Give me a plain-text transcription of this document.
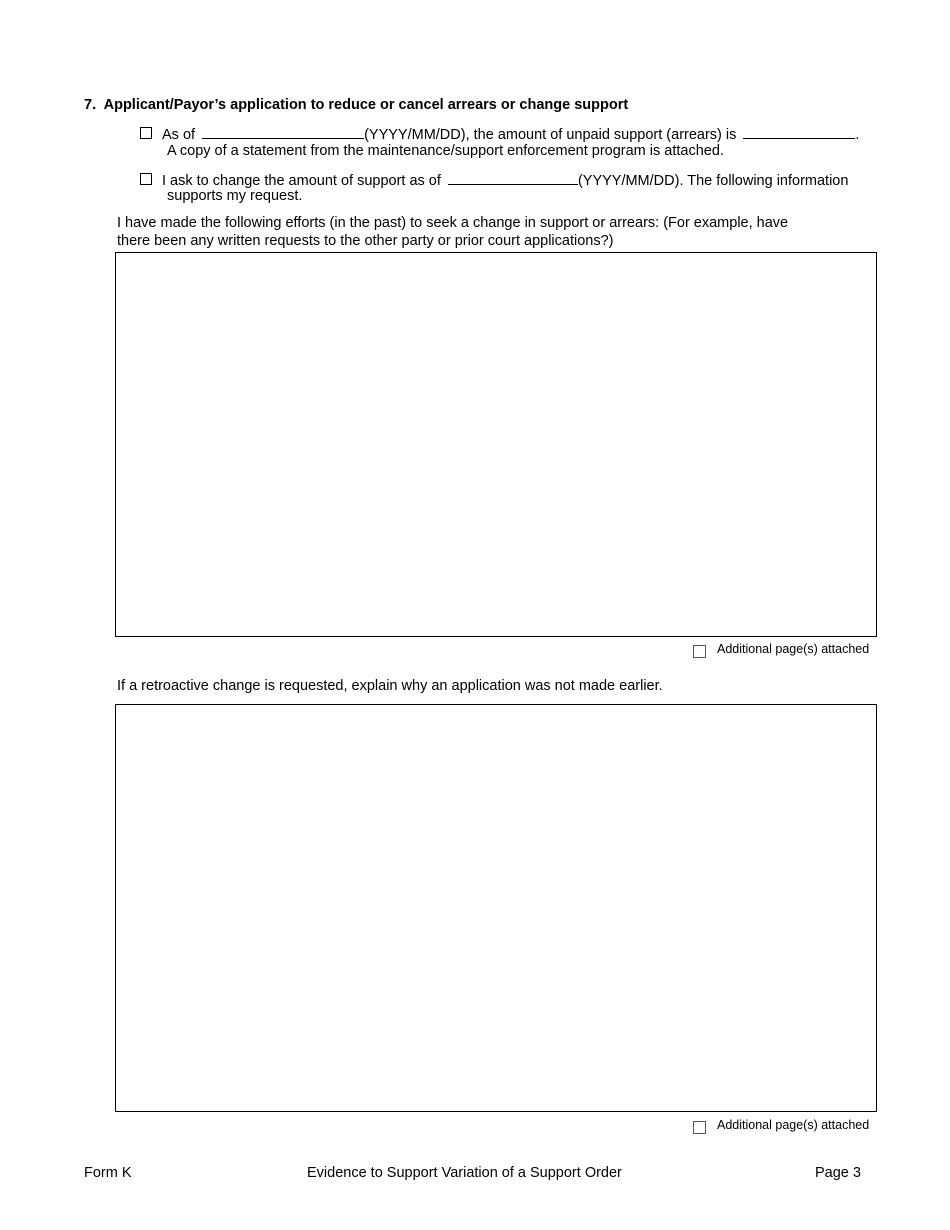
7. Applicant/Payor’s application to reduce or cancel arrears or change support
As of	(YYYY/MM/DD), the amount of unpaid support (arrears) is	.
A copy of a statement from the maintenance/support enforcement program is attached.
I ask to change the amount of support as of	(YYYY/MM/DD). The following information
supports my request.
I have made the following efforts (in the past) to seek a change in support or arrears: (For example, have
there been any written requests to the other party or prior court applications?)
Additional page(s) attached
If a retroactive change is requested, explain why an application was not made earlier.
Additional page(s) attached
Form K	Evidence to Support Variation of a Support Order	Page 3
